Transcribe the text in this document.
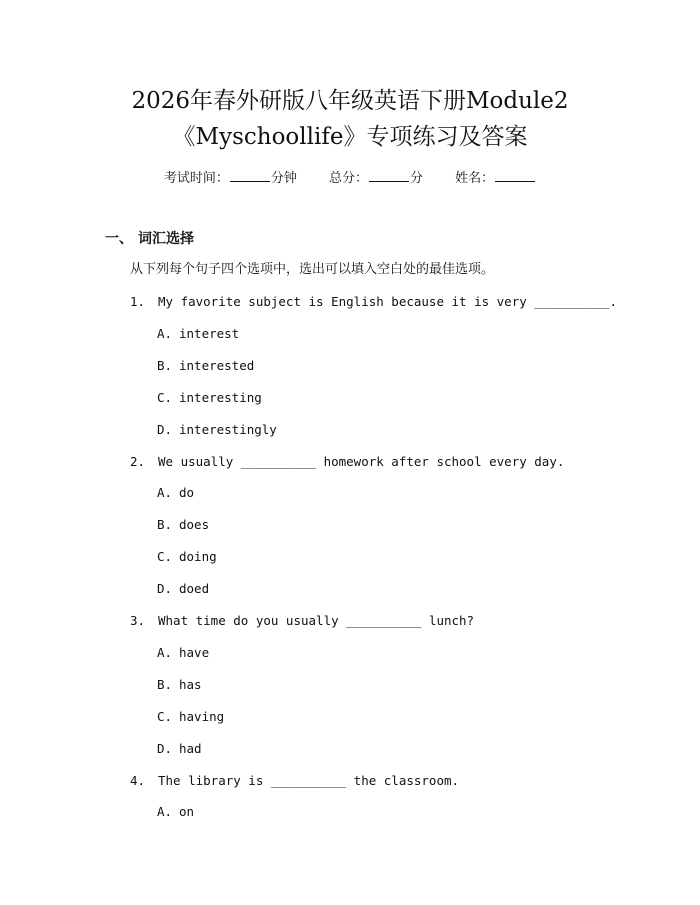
2026年春外研版八年级英语下册Module2
《Myschoollife》专项练习及答案
考试时间：	分钟 总分：	分 姓名：
一、 词汇选择
从下列每个句子四个选项中，选出可以填入空白处的最佳选项。
1. My favorite subject is English because it is very __________.
A. interest
B. interested
C. interesting
D. interestingly
2. We usually __________ homework after school every day.
A. do
B. does
C. doing
D. doed
3. What time do you usually __________ lunch?
A. have
B. has
C. having
D. had
4. The library is __________ the classroom.
A. on
